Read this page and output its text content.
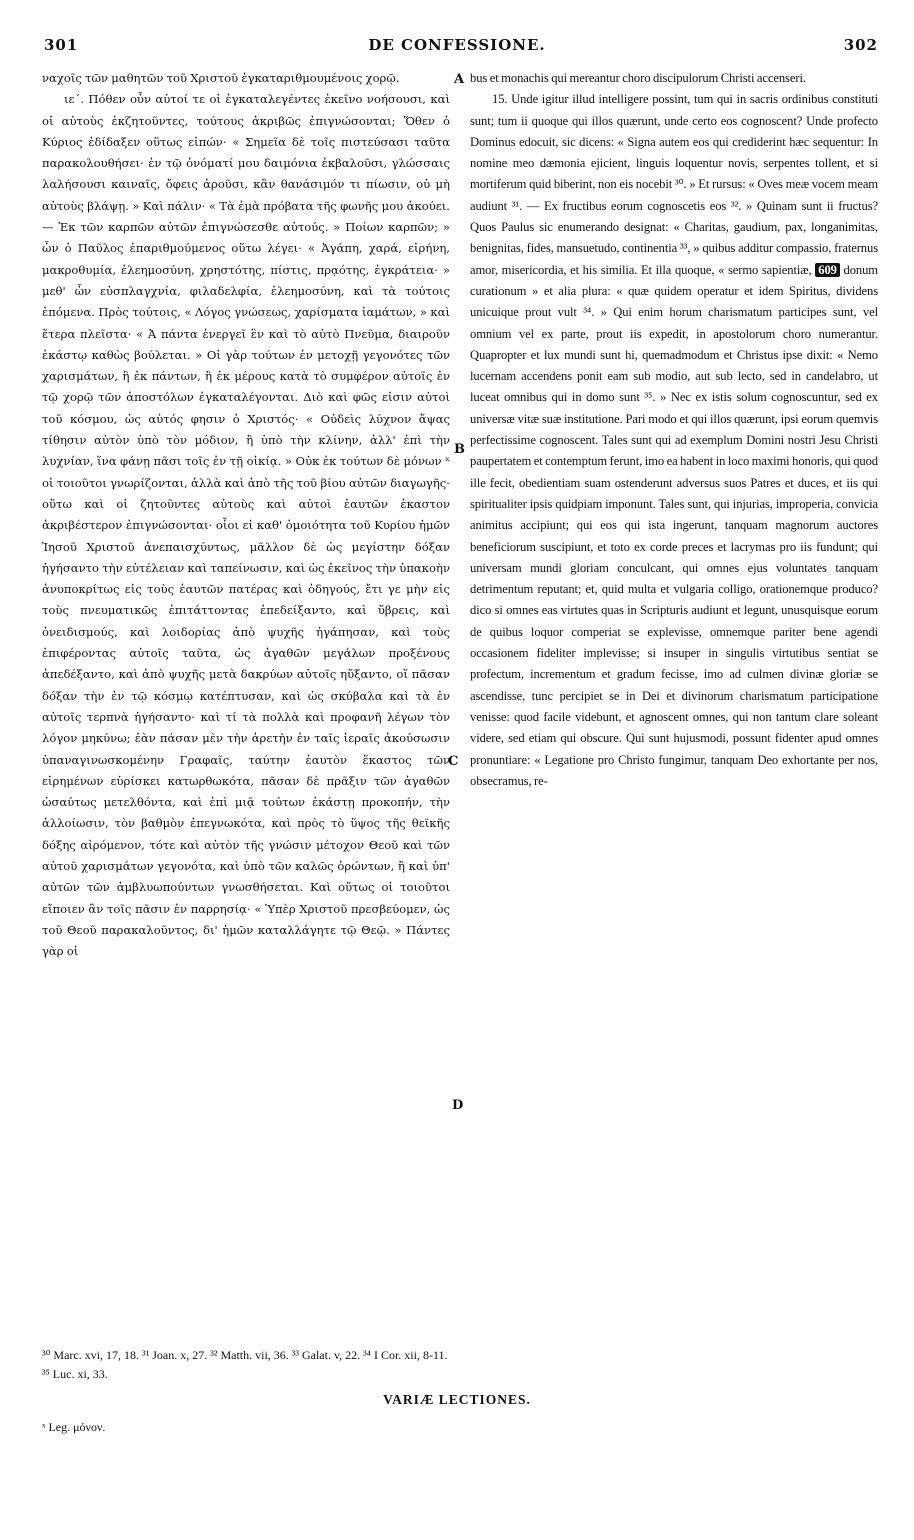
301	DE CONFESSIONE.	302

ναχοῖς τῶν μαθητῶν τοῦ Χριστοῦ ἐγκαταριθμουμένοις χορῷ.

ιε΄. Πόθεν οὖν αὐτοί τε οἱ ἐγκαταλεγέντες ἐκεῖνο νοήσουσι, καὶ οἱ αὐτοὺς ἐκζητοῦντες, τούτους ἀκριβῶς ἐπιγνώσονται; Ὅθεν ὁ Κύριος ἐδίδαξεν οὕτως εἰπών· « Σημεῖα δὲ τοῖς πιστεύσασι ταῦτα παρακολουθήσει· ἐν τῷ ὀνόματί μου δαιμόνια ἐκβαλοῦσι, γλώσσαις λαλήσουσι καιναῖς, ὄφεις ἀροῦσι, κἂν θανάσιμόν τι πίωσιν, οὐ μὴ αὐτοὺς βλάψῃ. » Καὶ πάλιν· « Τὰ ἐμὰ πρόβατα τῆς φωνῆς μου ἀκούει. — Ἐκ τῶν καρπῶν αὐτῶν ἐπιγνώσεσθε αὐτούς. » Ποίων καρπῶν; » ὧν ὁ Παῦλος ἐπαριθμούμενος οὕτω λέγει· « Ἀγάπη, χαρά, εἰρήνη, μακροθυμία, ἐλεημοσύνη, χρηστότης, πίστις, πρᾳότης, ἐγκράτεια· » μεθ' ὧν εὐσπλαγχνία, φιλαδελφία, ἐλεημοσύνη, καὶ τὰ τούτοις ἑπόμενα. Πρὸς τούτοις, « Λόγος γνώσεως, χαρίσματα ἰαμάτων, » καὶ ἕτερα πλεῖστα· « Ἀ πάντα ἐνεργεῖ ἓν καὶ τὸ αὐτὸ Πνεῦμα, διαιροῦν ἑκάστῳ καθὼς βούλεται. » Οἱ γὰρ τούτων ἐν μετοχῇ γεγονότες τῶν χαρισμάτων, ἢ ἐκ πάντων, ἢ ἐκ μέρους κατὰ τὸ συμφέρον αὐτοῖς ἐν τῷ χορῷ τῶν ἀποστόλων ἐγκαταλέγονται. Διὸ καὶ φῶς εἰσιν αὐτοὶ τοῦ κόσμου, ὡς αὐτός φησιν ὁ Χριστός· « Οὐδεὶς λύχνον ἅψας τίθησιν αὐτὸν ὑπὸ τὸν μόδιον, ἢ ὑπὸ τὴν κλίνην, ἀλλ' ἐπὶ τὴν λυχνίαν, ἵνα φάνῃ πᾶσι τοῖς ἐν τῇ οἰκίᾳ. » Οὐκ ἐκ τούτων δὲ μόνων ˣ οἱ τοιοῦτοι γνωρίζονται, ἀλλὰ καὶ ἀπὸ τῆς τοῦ βίου αὐτῶν διαγωγῆς· οὕτω καὶ οἱ ζητοῦντες αὐτοὺς καὶ αὐτοὶ ἑαυτῶν ἑκαστον ἀκριβέστερον ἐπιγνώσονται· οἷοι εἰ καθ' ὁμοιότητα τοῦ Κυρίου ἡμῶν Ἰησοῦ Χριστοῦ ἀνεπαισχύντως, μᾶλλον δὲ ὡς μεγίστην δόξαν ἡγήσαντο τὴν εὐτέλειαν καὶ ταπείνωσιν, καὶ ὡς ἐκεῖνος τὴν ὑπακοὴν ἀνυποκρίτως εἰς τοὺς ἑαυτῶν πατέρας καὶ ὁδηγούς, ἔτι γε μὴν εἰς τοὺς πνευματικῶς ἐπιτάττοντας ἐπεδείξαντο, καὶ ὕβρεις, καὶ ὀνειδισμούς, καὶ λοιδορίας ἀπὸ ψυχῆς ἠγάπησαν, καὶ τοὺς ἐπιφέροντας αὐτοῖς ταῦτα, ὡς ἀγαθῶν μεγάλων προξένους ἀπεδέξαντο, καὶ ἀπὸ ψυχῆς μετὰ δακρύων αὐτοῖς ηὔξαντο, οἵ πᾶσαν δόξαν τὴν ἐν τῷ κόσμῳ κατέπτυσαν, καὶ ὡς σκύβαλα καὶ τὰ ἐν αὐτοῖς τερπνὰ ἡγήσαντο· καὶ τί τὰ πολλὰ καὶ προφανῆ λέγων τὸν λόγον μηκύνω; ἐὰν πάσαν μὲν τὴν ἀρετὴν ἐν ταῖς ἱεραῖς ἀκούσωσιν ὑπαναγινωσκομένην Γραφαῖς, ταύτην ἑαυτὸν ἕκαστος τῶν εἰρημένων εὑρίσκει κατωρθωκότα, πᾶσαν δὲ πρᾶξιν τῶν ἀγαθῶν ὡσαύτως μετελθόντα, καὶ ἐπὶ μιᾷ τούτων ἑκάστῃ προκοπήν, τὴν ἀλλοίωσιν, τὸν βαθμὸν ἐπεγνωκότα, καὶ πρὸς τὸ ὕψος τῆς θεϊκῆς δόξης αἰρόμενον, τότε καὶ αὐτὸν τῆς γνώσιν μέτοχον Θεοῦ καὶ τῶν αὐτοῦ χαρισμάτων γεγονότα, καὶ ὑπὸ τῶν καλῶς ὁρώντων, ἢ καὶ ὑπ' αὐτῶν τῶν ἀμβλυωπούντων γνωσθήσεται. Καὶ οὕτως οἱ τοιοῦτοι εἴποιεν ἂν τοῖς πᾶσιν ἐν παρρησίᾳ· « Ὑπὲρ Χριστοῦ πρεσβεύομεν, ὡς τοῦ Θεοῦ παρακαλοῦντος, δι' ἡμῶν καταλλάγητε τῷ Θεῷ. » Πάντες γὰρ οἱ

A
B
C
D

bus et monachis qui mereantur choro discipulorum Christi accenseri.

15. Unde igitur illud intelligere possint, tum qui in sacris ordinibus constituti sunt; tum ii quoque qui illos quærunt, unde certo eos cognoscent? Unde profecto Dominus edocuit, sic dicens: « Signa autem eos qui crediderint hæc sequentur: In nomine meo dæmonia ejicient, linguis loquentur novis, serpentes tollent, et si mortiferum quid biberint, non eis nocebit ³⁰. » Et rursus: « Oves meæ vocem meam audiunt ³¹. — Ex fructibus eorum cognoscetis eos ³². » Quinam sunt ii fructus? Quos Paulus sic enumerando designat: « Charitas, gaudium, pax, longanimitas, benignitas, fides, mansuetudo, continentia ³³, » quibus additur compassio, fraternus amor, misericordia, et his similia. Et illa quoque, « sermo sapientiæ, 609 donum curationum » et alia plura: « quæ quidem operatur et idem Spiritus, dividens unicuique prout vult ³⁴. » Qui enim horum charismatum participes sunt, vel omnium vel ex parte, prout iis expedit, in apostolorum choro numerantur. Quapropter et lux mundi sunt hi, quemadmodum et Christus ipse dixit: « Nemo lucernam accendens ponit eam sub modio, aut sub lecto, sed in candelabro, ut luceat omnibus qui in domo sunt ³⁵. » Nec ex istis solum cognoscuntur, sed ex universæ vitæ suæ institutione. Pari modo et qui illos quærunt, ipsi eorum quemvis perfectissime cognoscent. Tales sunt qui ad exemplum Domini nostri Jesu Christi paupertatem et contemptum ferunt, imo ea habent in loco maximi honoris, qui quod ille fecit, obedientiam suam ostenderunt adversus suos Patres et duces, et iis qui spiritualiter ipsis quidpiam imponunt. Tales sunt, qui injurias, improperia, convicia animitus accipiunt; qui eos qui ista ingerunt, tanquam magnorum auctores beneficiorum suscipiunt, et toto ex corde preces et lacrymas pro iis fundunt; qui universam mundi gloriam conculcant, qui omnes ejus voluntates tanquam detrimentum reputant; et, quid multa et vulgaria colligo, orationemque produco? dico si omnes eas virtutes quas in Scripturis audiunt et legunt, unusquisque eorum de quibus loquor comperiat se explevisse, omnemque pariter bene agendi occasionem fideliter implevisse; si insuper in singulis virtutibus sentiat se profectum, incrementum et gradum fecisse, imo ad culmen divinæ gloriæ se ascendisse, tunc percipiet se in Dei et divinorum charismatum participatione venisse: quod facile videbunt, et agnoscent omnes, qui non tantum clare soleant videre, sed etiam qui obscure. Qui sunt hujusmodi, possunt fidenter apud omnes pronuntiare: « Legatione pro Christo fungimur, tanquam Deo exhortante per nos, obsecramus, re-

³⁰ Marc. xvi, 17, 18. ³¹ Joan. x, 27. ³² Matth. vii, 36. ³³ Galat. v, 22. ³⁴ I Cor. xii, 8-11.
³⁵ Luc. xi, 33.
VARIÆ LECTIONES.
ˣ Leg. μόνον.
